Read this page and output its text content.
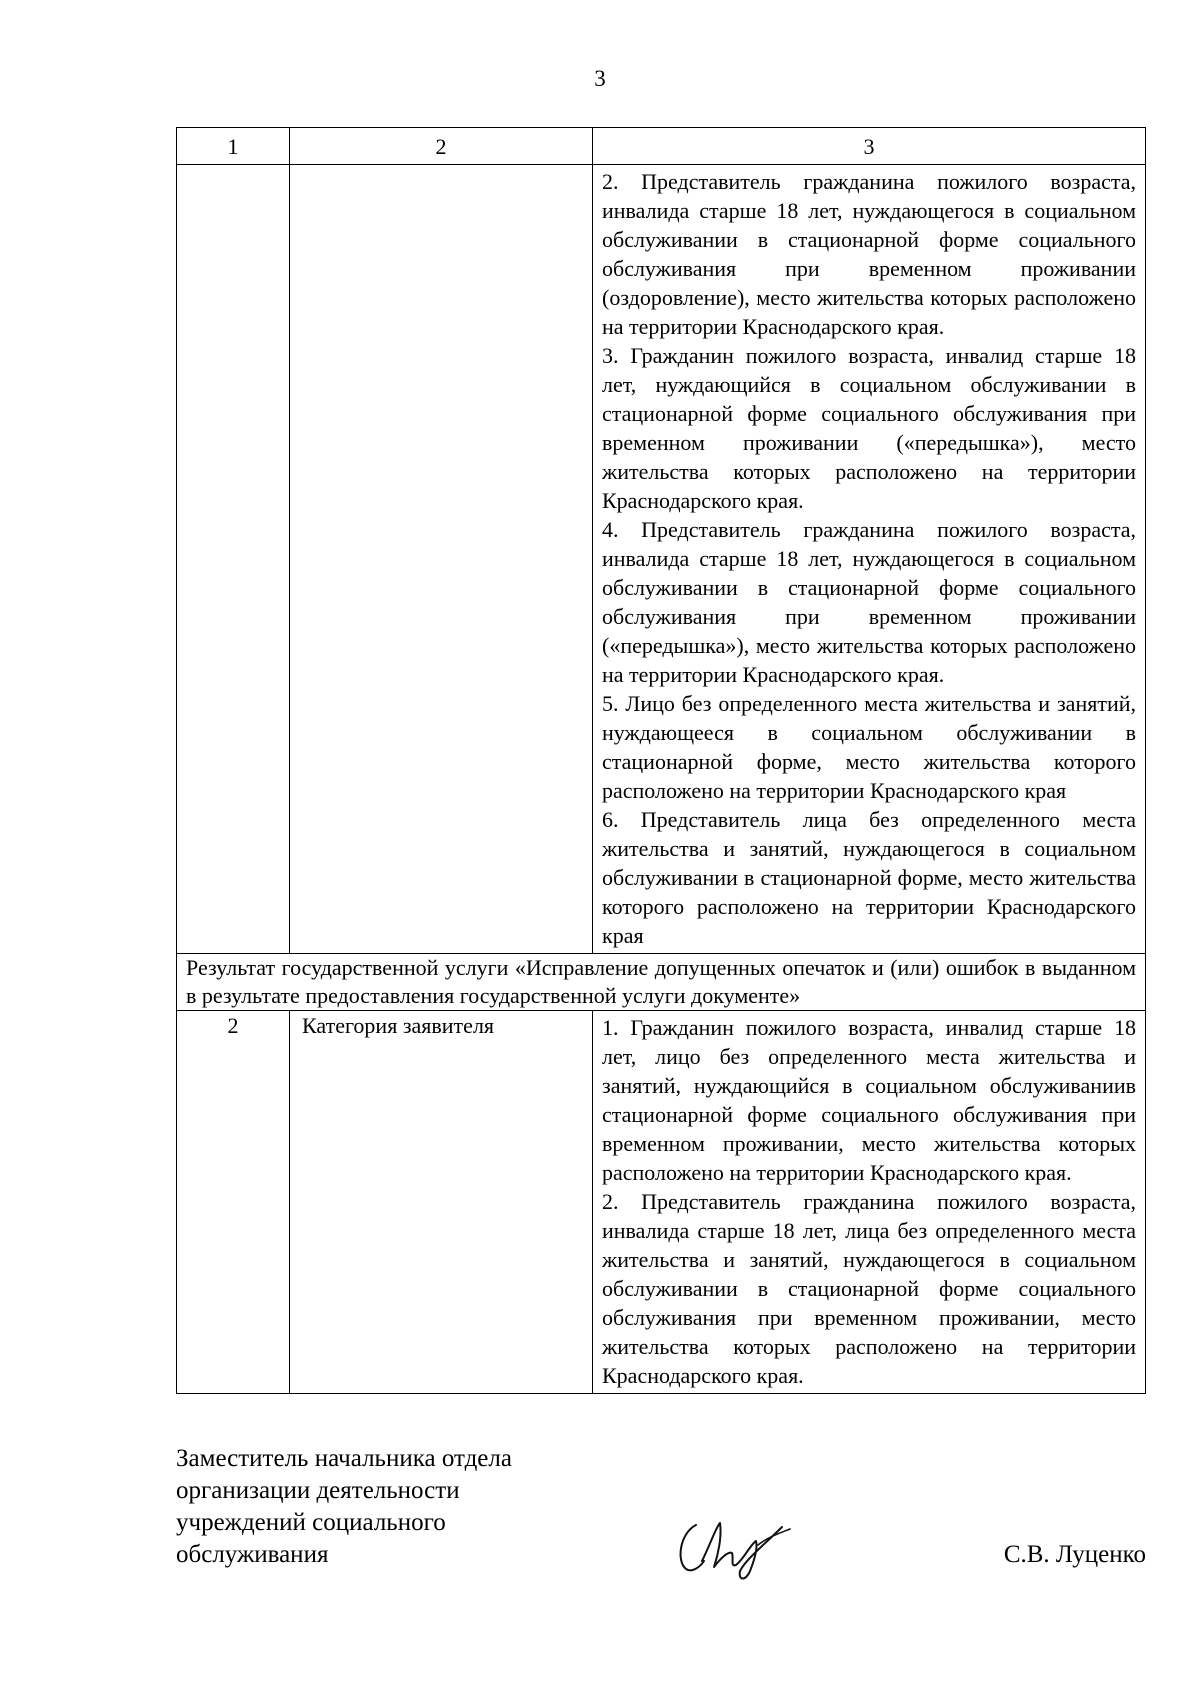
3
1	2	3

		2. Представитель гражданина пожилого возраста, инвалида старше 18 лет, нуждающегося в социальном обслуживании в стационарной форме социального обслуживания при временном проживании (оздоровление), место жительства которых расположено на территории Краснодарского края.

3. Гражданин пожилого возраста, инвалид старше 18 лет, нуждающийся в социальном обслуживании в стационарной форме социального обслуживания при временном проживании («передышка»), место жительства которых расположено на территории Краснодарского края.

4. Представитель гражданина пожилого возраста, инвалида старше 18 лет, нуждающегося в социальном обслуживании в стационарной форме социального обслуживания при временном проживании («передышка»), место жительства которых расположено на территории Краснодарского края.

5. Лицо без определенного места жительства и занятий, нуждающееся в социальном обслуживании в стационарной форме, место жительства которого расположено на территории Краснодарского края

6. Представитель лица без определенного места жительства и занятий, нуждающегося в социальном обслуживании в стационарной форме, место жительства которого расположено на территории Краснодарского края

Результат государственной услуги «Исправление допущенных опечаток и (или) ошибок в выданном в результате предоставления государственной услуги документе»		
2	Категория заявителя	1. Гражданин пожилого возраста, инвалид старше 18 лет, лицо без определенного места жительства и занятий, нуждающийся в социальном обслуживаниив стационарной форме социального обслуживания при временном проживании, место жительства которых расположено на территории Краснодарского края.

2. Представитель гражданина пожилого возраста, инвалида старше 18 лет, лица без определенного места жительства и занятий, нуждающегося в социальном обслуживании в стационарной форме социального обслуживания при временном проживании, место жительства которых расположено на территории Краснодарского края.

Заместитель начальника отдела
организации деятельности
учреждений социального
обслуживания	С.В. Луценко
